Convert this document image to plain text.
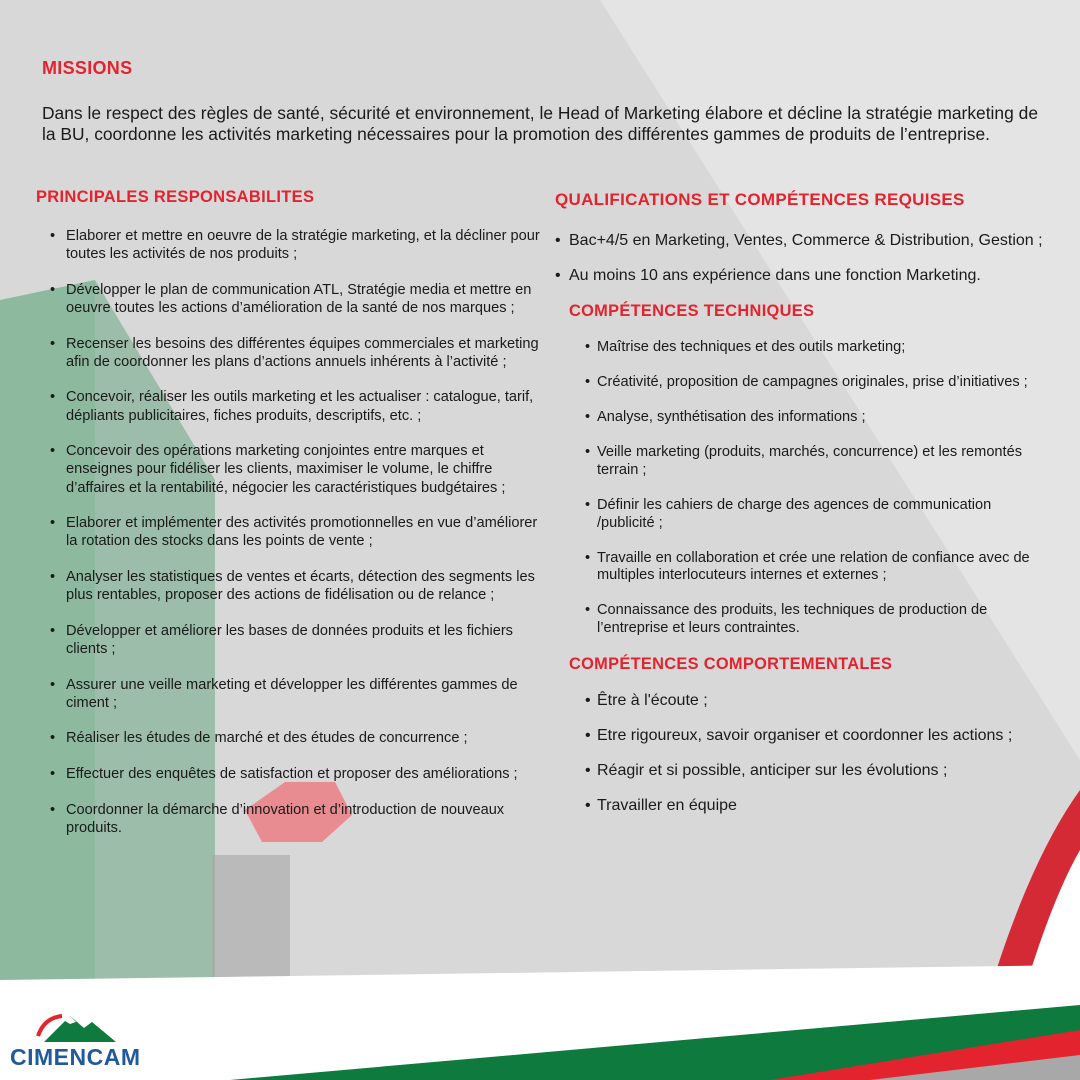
MISSIONS

Dans le respect des règles de santé, sécurité et environnement, le Head of Marketing élabore et décline la stratégie marketing de la BU, coordonne les activités marketing nécessaires pour la promotion des différentes gammes de produits de l’entreprise.

PRINCIPALES RESPONSABILITES
• Elaborer et mettre en oeuvre de la stratégie marketing, et la décliner pour toutes les activités de nos produits ;
• Développer le plan de communication ATL, Stratégie media et mettre en oeuvre toutes les actions d’amélioration de la santé de nos marques ;
• Recenser les besoins des différentes équipes commerciales et marketing afin de coordonner les plans d’actions annuels inhérents à l’activité ;
• Concevoir, réaliser les outils marketing et les actualiser : catalogue, tarif, dépliants publicitaires, fiches produits, descriptifs, etc. ;
• Concevoir des opérations marketing conjointes entre marques et enseignes pour fidéliser les clients, maximiser le volume, le chiffre d’affaires et la rentabilité, négocier les caractéristiques budgétaires ;
• Elaborer et implémenter des activités promotionnelles en vue d’améliorer la rotation des stocks dans les points de vente ;
• Analyser les statistiques de ventes et écarts, détection des segments les plus rentables, proposer des actions de fidélisation ou de relance ;
• Développer et améliorer les bases de données produits et les fichiers clients ;
• Assurer une veille marketing et développer les différentes gammes de ciment ;
• Réaliser les études de marché et des études de concurrence ;
• Effectuer des enquêtes de satisfaction et proposer des améliorations ;
• Coordonner la démarche d’innovation et d’introduction de nouveaux produits.
QUALIFICATIONS ET COMPÉTENCES REQUISES
• Bac+4/5 en Marketing, Ventes, Commerce & Distribution, Gestion ;
• Au moins 10 ans expérience dans une fonction Marketing.
COMPÉTENCES TECHNIQUES
• Maîtrise des techniques et des outils marketing;
• Créativité, proposition de campagnes originales, prise d’initiatives ;
• Analyse, synthétisation des informations ;
• Veille marketing (produits, marchés, concurrence) et les remontés terrain ;
• Définir les cahiers de charge des agences de communication /publicité ;
• Travaille en collaboration et crée une relation de confiance avec de multiples interlocuteurs internes et externes ;
• Connaissance des produits, les techniques de production de l’entreprise et leurs contraintes.
COMPÉTENCES COMPORTEMENTALES
• Être à l'écoute ;
• Etre rigoureux, savoir organiser et coordonner les actions ;
• Réagir et si possible, anticiper sur les évolutions ;
• Travailler en équipe
CIMENCAM
